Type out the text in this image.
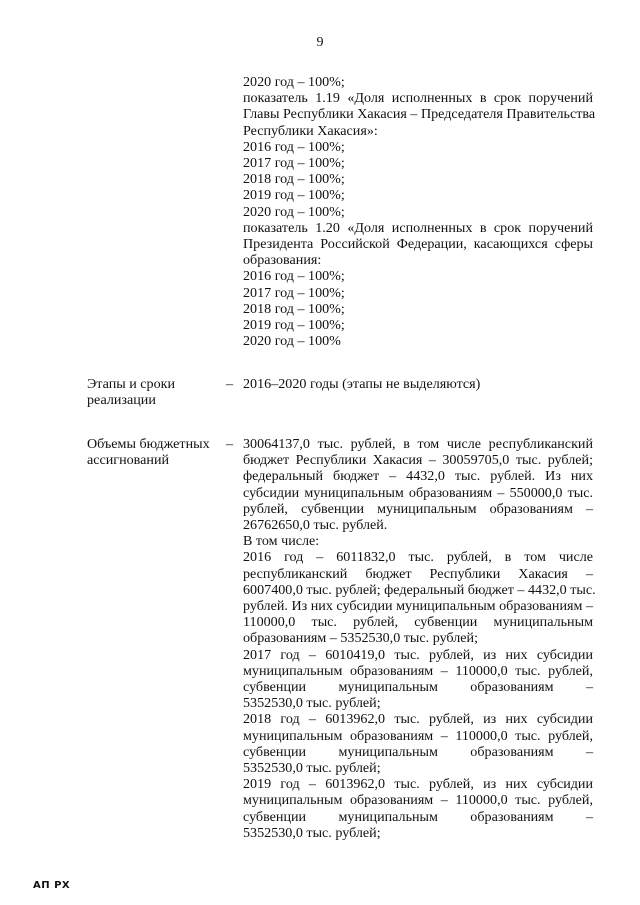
9
2020 год – 100%;
показатель 1.19 «Доля исполненных в срок поручений
Главы Республики Хакасия – Председателя Правительства
Республики Хакасия»:
2016 год – 100%;
2017 год – 100%;
2018 год – 100%;
2019 год – 100%;
2020 год – 100%;
показатель 1.20 «Доля исполненных в срок поручений
Президента Российской Федерации, касающихся сферы
образования:
2016 год – 100%;
2017 год – 100%;
2018 год – 100%;
2019 год – 100%;
2020 год – 100%
Этапы и сроки
реализации
– 2016–2020 годы (этапы не выделяются)
Объемы бюджетных
ассигнований
– 30064137,0 тыс. рублей, в том числе республиканский
бюджет Республики Хакасия – 30059705,0 тыс. рублей;
федеральный бюджет – 4432,0 тыс. рублей. Из них
субсидии муниципальным образованиям – 550000,0 тыс.
рублей, субвенции муниципальным образованиям –
26762650,0 тыс. рублей.
В том числе:
2016 год – 6011832,0 тыс. рублей, в том числе
республиканский бюджет Республики Хакасия –
6007400,0 тыс. рублей; федеральный бюджет – 4432,0 тыс.
рублей. Из них субсидии муниципальным образованиям –
110000,0 тыс. рублей, субвенции муниципальным
образованиям – 5352530,0 тыс. рублей;
2017 год – 6010419,0 тыс. рублей, из них субсидии
муниципальным образованиям – 110000,0 тыс. рублей,
субвенции муниципальным образованиям –
5352530,0 тыс. рублей;
2018 год – 6013962,0 тыс. рублей, из них субсидии
муниципальным образованиям – 110000,0 тыс. рублей,
субвенции муниципальным образованиям –
5352530,0 тыс. рублей;
2019 год – 6013962,0 тыс. рублей, из них субсидии
муниципальным образованиям – 110000,0 тыс. рублей,
субвенции муниципальным образованиям –
5352530,0 тыс. рублей;
АП РХ
